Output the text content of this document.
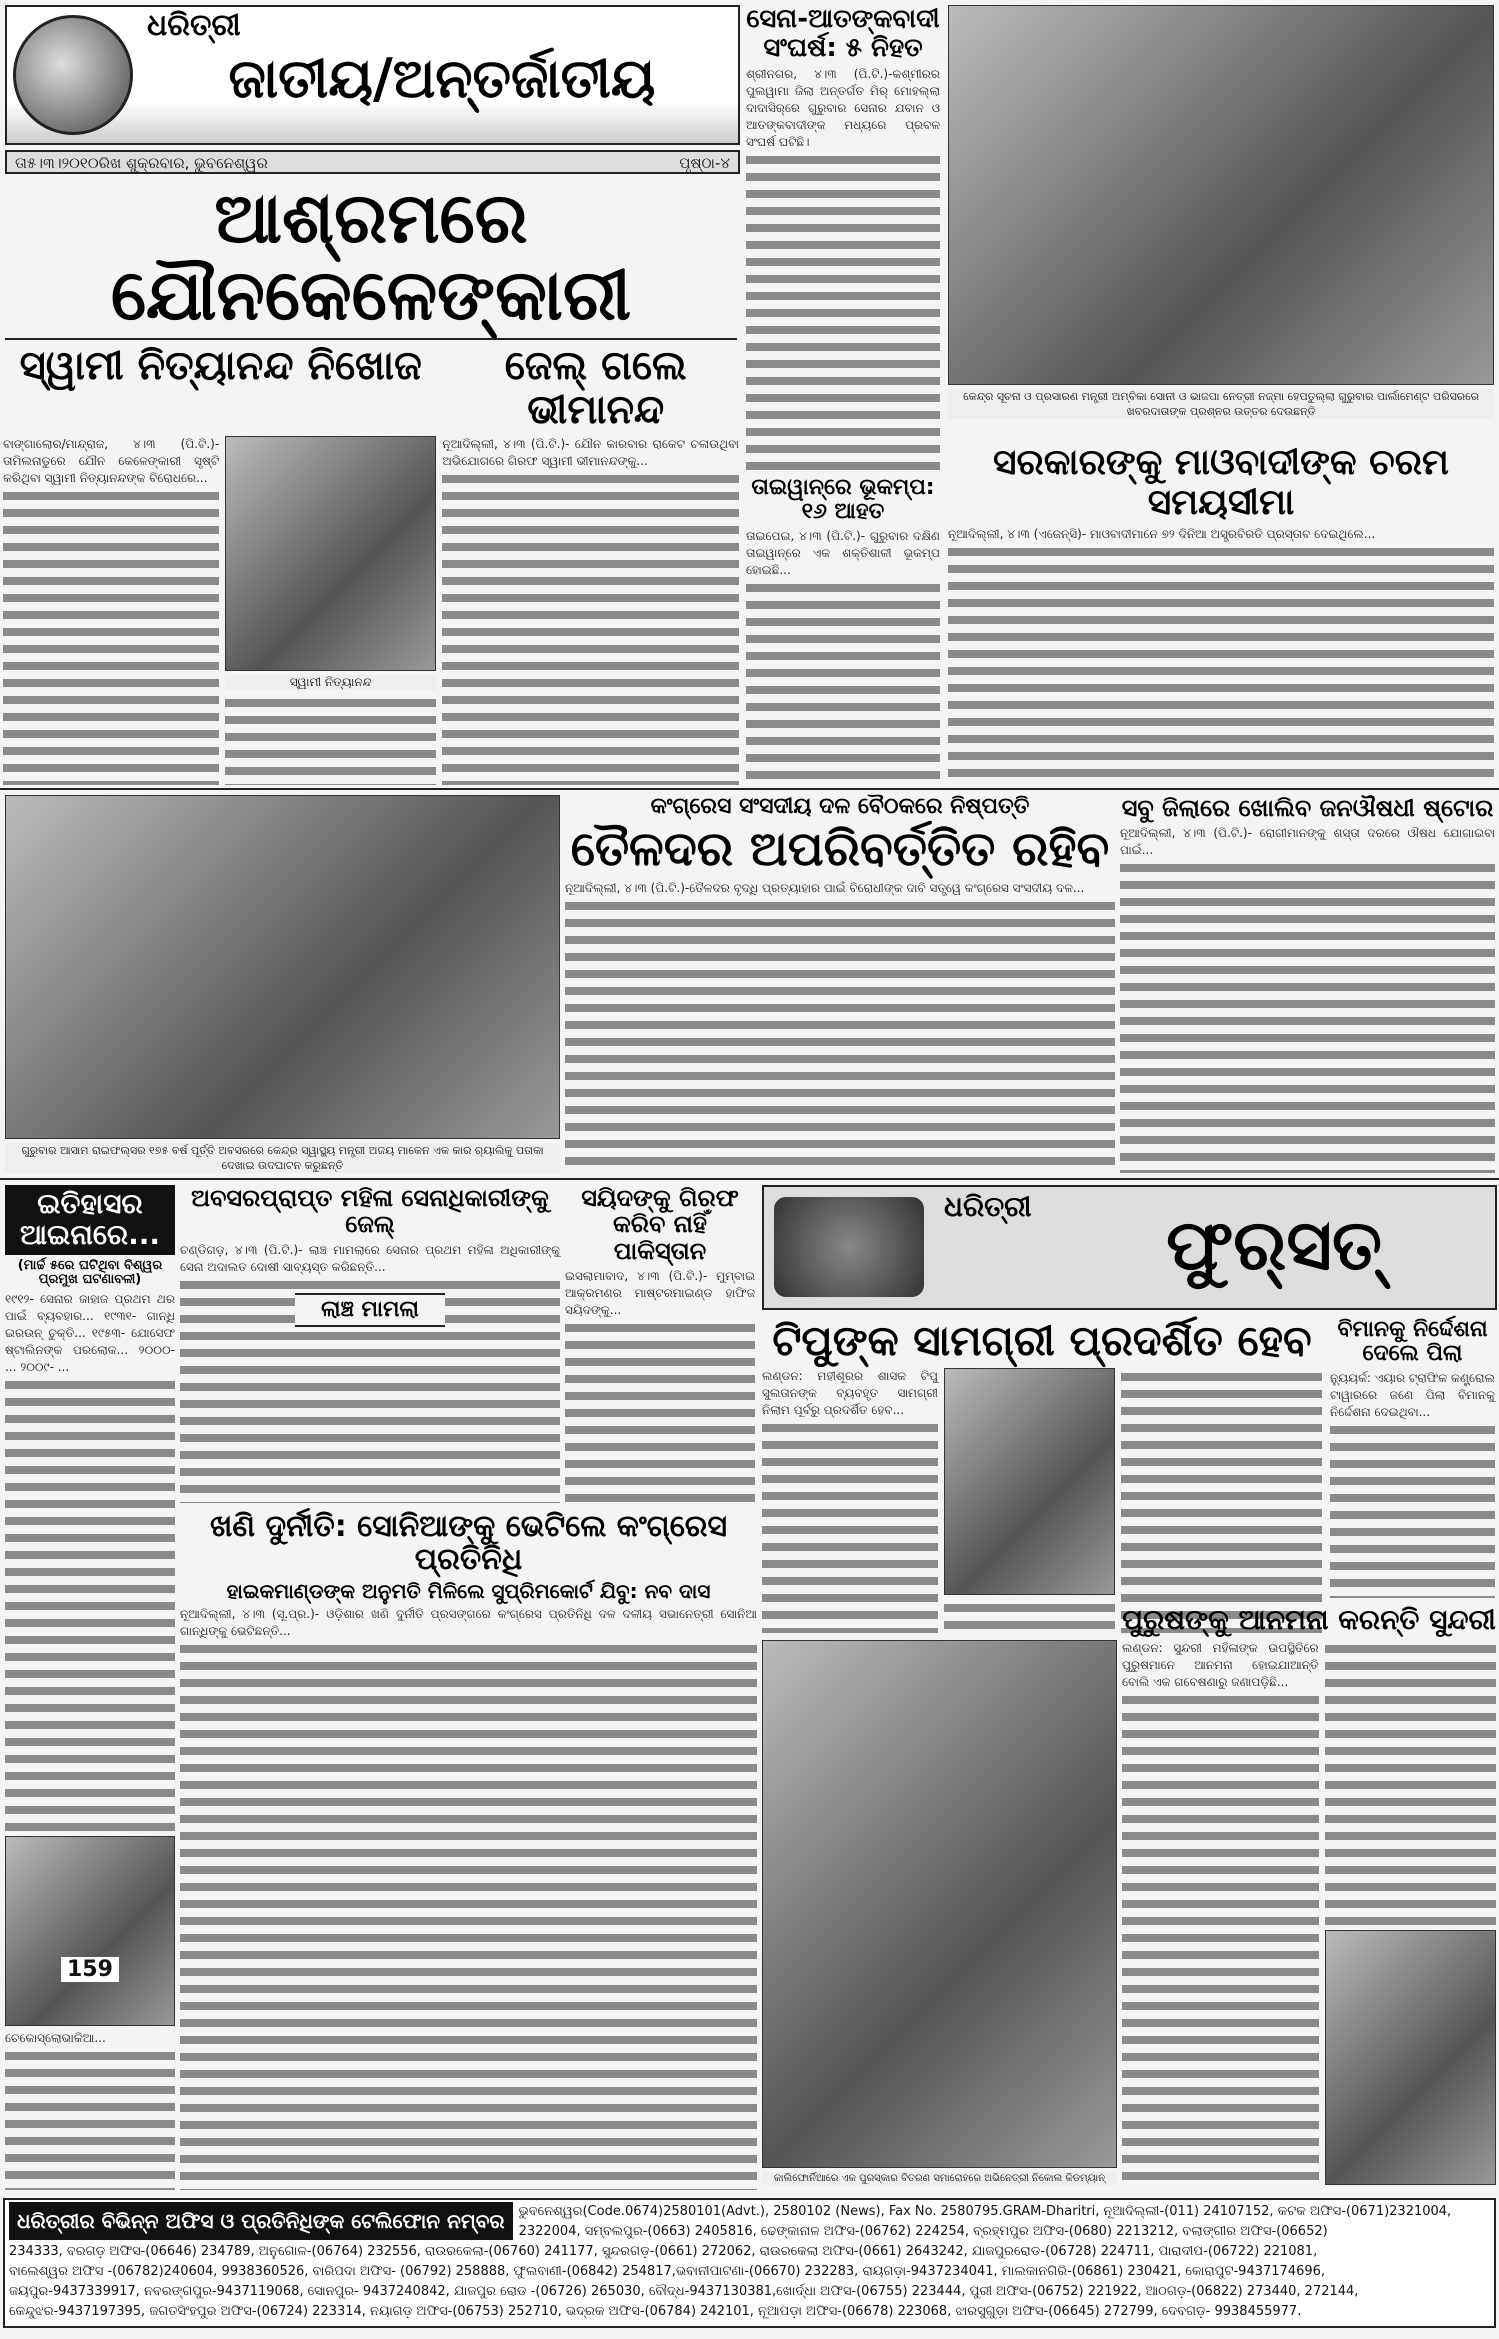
ଧରିତ୍ରୀ
ଜାତୀୟ/ଅନ୍ତର୍ଜାତୀୟ
ତା୫।୩।୨୦୧୦ରିଖ ଶୁକ୍ରବାର, ଭୁବନେଶ୍ୱର	ପୃଷ୍ଠା-୪
ଆଶ୍ରମରେ ଯୌନକେଳେଙ୍କାରୀ
ସ୍ୱାମୀ ନିତ୍ୟାନନ୍ଦ ନିଖୋଜ	ଜେଲ୍ ଗଲେ ଭୀମାନନ୍ଦ
ବାଙ୍ଗାଲୋର/ମାନ୍ଦ୍ରାଜ, ୪।୩ (ପି.ଟି.)- ତାମିଲନାଡୁରେ ଯୌନ କେଳେଙ୍କାରୀ ସୃଷ୍ଟି କରିଥିବା ସ୍ୱାମୀ ନିତ୍ୟାନନ୍ଦଙ୍କ ବିରୋଧରେ...
ସ୍ୱାମୀ ନିତ୍ୟାନନ୍ଦ
ନୂଆଦିଲ୍ଲୀ, ୪।୩ (ପି.ଟି.)- ଯୌନ କାରବାର ରାକେଟ ଚଳାଉଥିବା ଅଭିଯୋଗରେ ଗିରଫ ସ୍ୱାମୀ ଭୀମାନନ୍ଦଙ୍କୁ...
ସେନା-ଆତଙ୍କବାଦୀ ସଂଘର୍ଷ: ୫ ନିହତ
ଶ୍ରୀନଗର, ୪।୩ (ପି.ଟି.)-କଶ୍ମୀରର ପୁଲୱାମା ଜିଲା ଅନ୍ତର୍ଗତ ମିର୍ ମୋହଲ୍ଲା ଦାଦାସିର୍‌ରେ ଗୁରୁବାର ସେନାର ଯବାନ ଓ ଆତଙ୍କବାଦୀଙ୍କ ମଧ୍ୟରେ ପ୍ରବଳ ସଂଘର୍ଷ ଘଟିଛି।
ତାଇୱାନ୍‌ରେ ଭୂକମ୍ପ: ୧୬ ଆହତ
ତାଇପେଇ, ୪।୩ (ପି.ଟି.)- ଗୁରୁବାର ଦକ୍ଷିଣ ତାଇୱାନ୍‌ରେ ଏକ ଶକ୍ତିଶାଳୀ ଭୂକମ୍ପ ହୋଇଛି...
କେନ୍ଦ୍ର ସୂଚନା ଓ ପ୍ରସାରଣ ମନ୍ତ୍ରୀ ଅମ୍ବିକା ସୋନୀ ଓ ଭାଜପା ନେତ୍ରୀ ନଜ୍‌ମା ହେପତୁଲ୍ଲା ଗୁରୁବାର ପାର୍ଲାମେଣ୍ଟ ପରିସରରେ ଖବରଦାତାଙ୍କ ପ୍ରଶ୍ନର ଉତ୍ତର ଦେଉଛନ୍ତି
ସରକାରଙ୍କୁ ମାଓବାଦୀଙ୍କ ଚରମ ସମୟସୀମା
ନୂଆଦିଲ୍ଲୀ, ୪।୩ (ଏଜେନ୍ସି)- ମାଓବାଦୀମାନେ ୭୨ ଦିନିଆ ଅସ୍ତ୍ରବିରତି ପ୍ରସ୍ତାବ ଦେଇଥିଲେ...
ଗୁରୁବାର ଆସାମ ରାଇଫଲ୍‌ସର ୧୭୫ ବର୍ଷ ପୂର୍ତ୍ତି ଅବସରରେ କେନ୍ଦ୍ର ସ୍ୱାସ୍ଥ୍ୟ ମନ୍ତ୍ରୀ ଅଜୟ ମାକେନ ଏକ କାର ର‍୍ୟାଲିକୁ ପତାକା ଦେଖାଇ ଉଦଘାଟନ କରୁଛନ୍ତି
କଂଗ୍ରେସ ସଂସଦୀୟ ଦଳ ବୈଠକରେ ନିଷ୍ପତ୍ତି
ତୈଳଦର ଅପରିବର୍ତ୍ତିତ ରହିବ
ନୂଆଦିଲ୍ଲୀ, ୪।୩ (ପି.ଟି.)-ତୈଳଦର ବୃଦ୍ଧି ପ୍ରତ୍ୟାହାର ପାଇଁ ବିରୋଧୀଙ୍କ ଦାବି ସତ୍ତ୍ୱେ କଂଗ୍ରେସ ସଂସଦୀୟ ଦଳ...
ସବୁ ଜିଲାରେ ଖୋଲିବ ଜନଔଷଧୀ ଷ୍ଟୋର
ନୂଆଦିଲ୍ଲୀ, ୪।୩ (ପି.ଟି.)- ରୋଗୀମାନଙ୍କୁ ଶସ୍ତା ଦରରେ ଔଷଧ ଯୋଗାଇବା ପାଇଁ...
ଇତିହାସର ଆଇନାରେ...
(ମାର୍ଚ୍ଚ ୫ରେ ଘଟିଥିବା ବିଶ୍ୱର ପ୍ରମୁଖ ଘଟଣାବଳୀ)
୧୯୧୨- ସେନାର ଜାହାଜ ପ୍ରଥମ ଥର ପାଇଁ ବ୍ୟବହାର... ୧୯୩୧- ଗାନ୍ଧି ଇରଉନ୍ ଚୁକ୍ତି... ୧୯୫୩- ଯୋସେଫ ଷ୍ଟାଲିନଙ୍କ ପରଲୋକ... ୨୦୦୦- ... ୨୦୦୯- ...
159
ଚେକୋସ୍ଲୋଭାକିଆ...
ଅବସରପ୍ରାପ୍ତ ମହିଳା ସେନାଧିକାରୀଙ୍କୁ ଜେଲ୍
ଚଣ୍ଡିଗଡ଼, ୪।୩ (ପି.ଟି.)- ଲାଞ୍ଚ ମାମଲାରେ ସେନାର ପ୍ରଥମ ମହିଳା ଅଧିକାରୀଙ୍କୁ ସେନା ଅଦାଲତ ଦୋଷୀ ସାବ୍ୟସ୍ତ କରିଛନ୍ତି...
ଲାଞ୍ଚ ମାମଲା
ସୟିଦଙ୍କୁ ଗିରଫ କରିବ ନାହିଁ ପାକିସ୍ତାନ
ଇସଲାମାବାଦ, ୪।୩ (ପି.ଟି.)- ମୁମ୍ବାଇ ଆକ୍ରମଣର ମାଷ୍ଟରମାଇଣ୍ଡ ହାଫିଜ ସୟିଦଙ୍କୁ...
ଖଣି ଦୁର୍ନୀତି: ସୋନିଆଙ୍କୁ ଭେଟିଲେ କଂଗ୍ରେସ ପ୍ରତିନିଧି
ହାଇକମାଣ୍ଡଙ୍କ ଅନୁମତି ମିଳିଲେ ସୁପ୍ରିମକୋର୍ଟ ଯିବୁ: ନବ ଦାସ
ନୂଆଦିଲ୍ଲୀ, ୪।୩ (ସୂ.ପ୍ର.)- ଓଡ଼ିଶାର ଖଣି ଦୁର୍ନୀତି ପ୍ରସଙ୍ଗରେ କଂଗ୍ରେସ ପ୍ରତିନିଧି ଦଳ ଦଳୀୟ ସଭାନେତ୍ରୀ ସୋନିଆ ଗାନ୍ଧିଙ୍କୁ ଭେଟିଛନ୍ତି...
ଧରିତ୍ରୀ	ଫୁର୍‌ସତ୍
ଟିପୁଙ୍କ ସାମଗ୍ରୀ ପ୍ରଦର୍ଶିତ ହେବ
ଲଣ୍ଡନ: ମହୀଶୂରର ଶାସକ ଟିପୁ ସୁଲତାନଙ୍କ ବ୍ୟବହୃତ ସାମଗ୍ରୀ ନିଲାମ ପୂର୍ବରୁ ପ୍ରଦର୍ଶିତ ହେବ...
ବିମାନକୁ ନିର୍ଦ୍ଦେଶନା ଦେଲେ ପିଲା
ନ୍ୟୁୟର୍କ: ଏୟାର ଟ୍ରାଫିକ କଣ୍ଟ୍ରୋଲ ଟାୱାରରେ ଜଣେ ପିଲା ବିମାନକୁ ନିର୍ଦ୍ଦେଶନା ଦେଇଥିବା...
କାଲିଫୋର୍ନିଆରେ ଏକ ପୁରସ୍କାର ବିତରଣ ସମାରୋହରେ ଅଭିନେତ୍ରୀ ନିକୋଲ କିଡମ୍ୟାନ୍
ପୁରୁଷଙ୍କୁ ଆନମନା କରନ୍ତି ସୁନ୍ଦରୀ
ଲଣ୍ଡନ: ସୁନ୍ଦରୀ ମହିଳାଙ୍କ ଉପସ୍ଥିତିରେ ପୁରୁଷମାନେ ଆନମନା ହୋଇଯାଆନ୍ତି ବୋଲି ଏକ ଗବେଷଣାରୁ ଜଣାପଡ଼ିଛି...
ଧରିତ୍ରୀର ବିଭିନ୍ନ ଅଫିସ ଓ ପ୍ରତିନିଧିଙ୍କ ଟେଲିଫୋନ ନମ୍ବର	ଭୁବନେଶ୍ୱର(Code.0674)2580101(Advt.), 2580102 (News), Fax No. 2580795.GRAM-Dharitri, ନୂଆଦିଲ୍ଲୀ-(011) 24107152, କଟକ ଅଫିସ-(0671)2321004, 2322004, ସମ୍ବଲପୁର-(0663) 2405816, ଢେଙ୍କାନାଳ ଅଫିସ-(06762) 224254, ବ୍ରହ୍ମପୁର ଅଫିସ-(0680) 2213212, ବଲାଙ୍ଗୀର ଅଫିସ-(06652)
234333, ବରଗଡ଼ ଅଫିସ-(06646) 234789, ଅନୁଗୋଳ-(06764) 232556, ରାଉରକେଲା-(06760) 241177, ସୁନ୍ଦରଗଡ଼-(0661) 272062, ରାଉରକେଲା ଅଫିସ-(0661) 2643242, ଯାଜପୁରରୋଡ-(06728) 224711, ପାରାଦୀପ-(06722) 221081,
ବାଲେଶ୍ୱର ଅଫିସ -(06782)240604, 9938360526, ବାରିପଦା ଅଫିସ- (06792) 258888, ଫୁଲବାଣୀ-(06842) 254817,ଭବାନୀପାଟଣା-(06670) 232283, ରାୟଗଡ଼ା-9437234041, ମାଲକାନଗିରି-(06861) 230421, କୋରାପୁଟ-9437174696,
ଜୟପୁର-9437339917, ନବରଙ୍ଗପୁର-9437119068, ସୋନପୁର- 9437240842, ଯାଜପୁର ରୋଡ -(06726) 265030, ବୌଦ୍ଧ-9437130381,ଖୋର୍ଦ୍ଧା ଅଫିସ-(06755) 223444, ପୁରୀ ଅଫିସ-(06752) 221922, ଆଠଗଡ଼-(06822) 273440, 272144,
କେନ୍ଦୁଝର-9437197395, ଜଗତସିଂହପୁର ଅଫିସ-(06724) 223314, ନୟାଗଡ଼ ଅଫିସ-(06753) 252710, ଭଦ୍ରକ ଅଫିସ-(06784) 242101, ନୂଆପଡ଼ା ଅଫିସ-(06678) 223068, ଝାରସୁଗୁଡ଼ା ଅଫିସ-(06645) 272799, ଦେବଗଡ଼- 9938455977.
